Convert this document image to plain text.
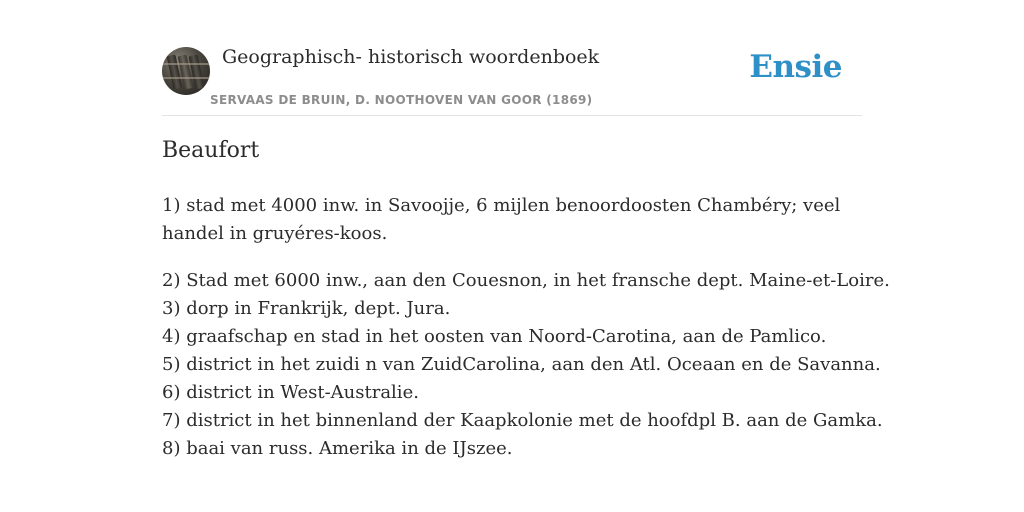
Geographisch- historisch woordenboek
SERVAAS DE BRUIN, D. NOOTHOVEN VAN GOOR (1869)
Ensie
Beaufort

1) stad met 4000 inw. in Savoojje, 6 mijlen benoordoosten Chambéry; veel handel in gruyéres-koos.

2) Stad met 6000 inw., aan den Couesnon, in het fransche dept. Maine-et-Loire.
3) dorp in Frankrijk, dept. Jura.
4) graafschap en stad in het oosten van Noord-Carotina, aan de Pamlico.
5) district in het zuidi n van ZuidCarolina, aan den Atl. Oceaan en de Savanna.
6) district in West-Australie.
7) district in het binnenland der Kaapkolonie met de hoofdpl B. aan de Gamka.
8) baai van russ. Amerika in de IJszee.
